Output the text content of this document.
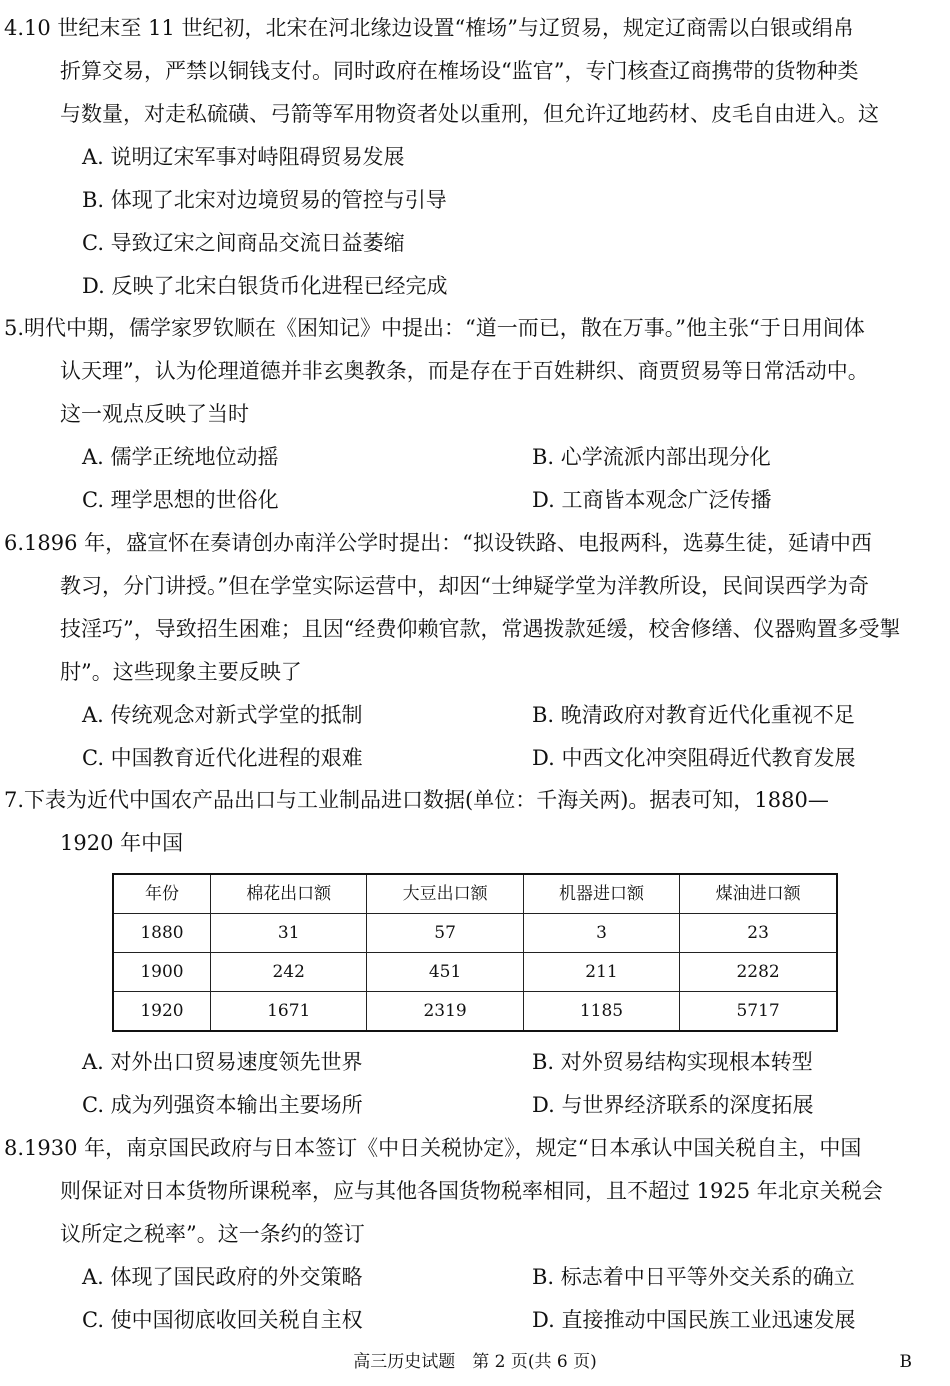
4.10 世纪末至 11 世纪初，北宋在河北缘边设置“榷场”与辽贸易，规定辽商需以白银或绢帛

折算交易，严禁以铜钱支付。同时政府在榷场设“监官”，专门核查辽商携带的货物种类

与数量，对走私硫磺、弓箭等军用物资者处以重刑，但允许辽地药材、皮毛自由进入。这

A. 说明辽宋军事对峙阻碍贸易发展
B. 体现了北宋对边境贸易的管控与引导
C. 导致辽宋之间商品交流日益萎缩
D. 反映了北宋白银货币化进程已经完成

5.明代中期，儒学家罗钦顺在《困知记》中提出：“道一而已，散在万事。”他主张“于日用间体

认天理”，认为伦理道德并非玄奥教条，而是存在于百姓耕织、商贾贸易等日常活动中。

这一观点反映了当时

A. 儒学正统地位动摇	B. 心学流派内部出现分化
C. 理学思想的世俗化	D. 工商皆本观念广泛传播

6.1896 年，盛宣怀在奏请创办南洋公学时提出：“拟设铁路、电报两科，选募生徒，延请中西

教习，分门讲授。”但在学堂实际运营中，却因“士绅疑学堂为洋教所设，民间误西学为奇

技淫巧”，导致招生困难；且因“经费仰赖官款，常遇拨款延缓，校舍修缮、仪器购置多受掣

肘”。这些现象主要反映了

A. 传统观念对新式学堂的抵制	B. 晚清政府对教育近代化重视不足
C. 中国教育近代化进程的艰难	D. 中西文化冲突阻碍近代教育发展

7.下表为近代中国农产品出口与工业制品进口数据(单位：千海关两)。据表可知，1880—

1920 年中国

年份	棉花出口额	大豆出口额	机器进口额	煤油进口额
1880	31	57	3	23
1900	242	451	211	2282
1920	1671	2319	1185	5717
A. 对外出口贸易速度领先世界	B. 对外贸易结构实现根本转型
C. 成为列强资本输出主要场所	D. 与世界经济联系的深度拓展

8.1930 年，南京国民政府与日本签订《中日关税协定》，规定“日本承认中国关税自主，中国

则保证对日本货物所课税率，应与其他各国货物税率相同，且不超过 1925 年北京关税会

议所定之税率”。这一条约的签订

A. 体现了国民政府的外交策略	B. 标志着中日平等外交关系的确立
C. 使中国彻底收回关税自主权	D. 直接推动中国民族工业迅速发展
高三历史试题　第 2 页(共 6 页)	B
